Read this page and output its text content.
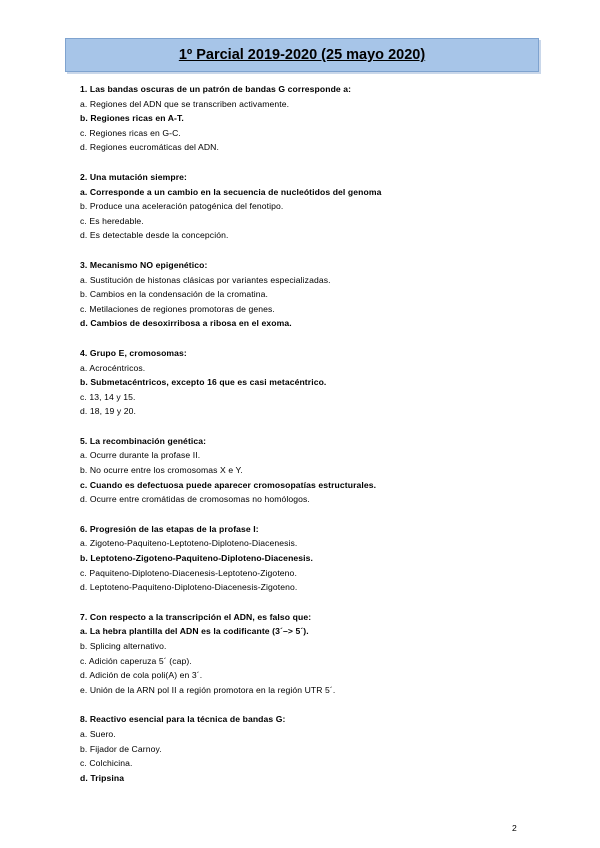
1º Parcial 2019-2020 (25 mayo 2020)
1. Las bandas oscuras de un patrón de bandas G corresponde a:
a. Regiones del ADN que se transcriben activamente.
b. Regiones ricas en A-T.
c. Regiones ricas en G-C.
d. Regiones eucromáticas del ADN.
2. Una mutación siempre:
a. Corresponde a un cambio en la secuencia de nucleótidos del genoma
b. Produce una aceleración patogénica del fenotipo.
c. Es heredable.
d. Es detectable desde la concepción.
3. Mecanismo NO epigenético:
a. Sustitución de histonas clásicas por variantes especializadas.
b. Cambios en la condensación de la cromatina.
c. Metilaciones de regiones promotoras de genes.
d. Cambios de desoxirribosa a ribosa en el exoma.
4. Grupo E, cromosomas:
a. Acrocéntricos.
b. Submetacéntricos, excepto 16 que es casi metacéntrico.
c. 13, 14 y 15.
d. 18, 19 y 20.
5. La recombinación genética:
a. Ocurre durante la profase II.
b. No ocurre entre los cromosomas X e Y.
c. Cuando es defectuosa puede aparecer cromosopatías estructurales.
d. Ocurre entre cromátidas de cromosomas no homólogos.
6. Progresión de las etapas de la profase I:
a. Zigoteno-Paquiteno-Leptoteno-Diploteno-Diacenesis.
b. Leptoteno-Zigoteno-Paquiteno-Diploteno-Diacenesis.
c. Paquiteno-Diploteno-Diacenesis-Leptoteno-Zigoteno.
d. Leptoteno-Paquiteno-Diploteno-Diacenesis-Zigoteno.
7. Con respecto a la transcripción el ADN, es falso que:
a. La hebra plantilla del ADN es la codificante (3´–> 5´).
b. Splicing alternativo.
c. Adición caperuza 5´ (cap).
d. Adición de cola poli(A) en 3´.
e. Unión de la ARN pol II a región promotora en la región UTR 5´.
8. Reactivo esencial para la técnica de bandas G:
a. Suero.
b. Fijador de Carnoy.
c. Colchicina.
d. Tripsina
2
